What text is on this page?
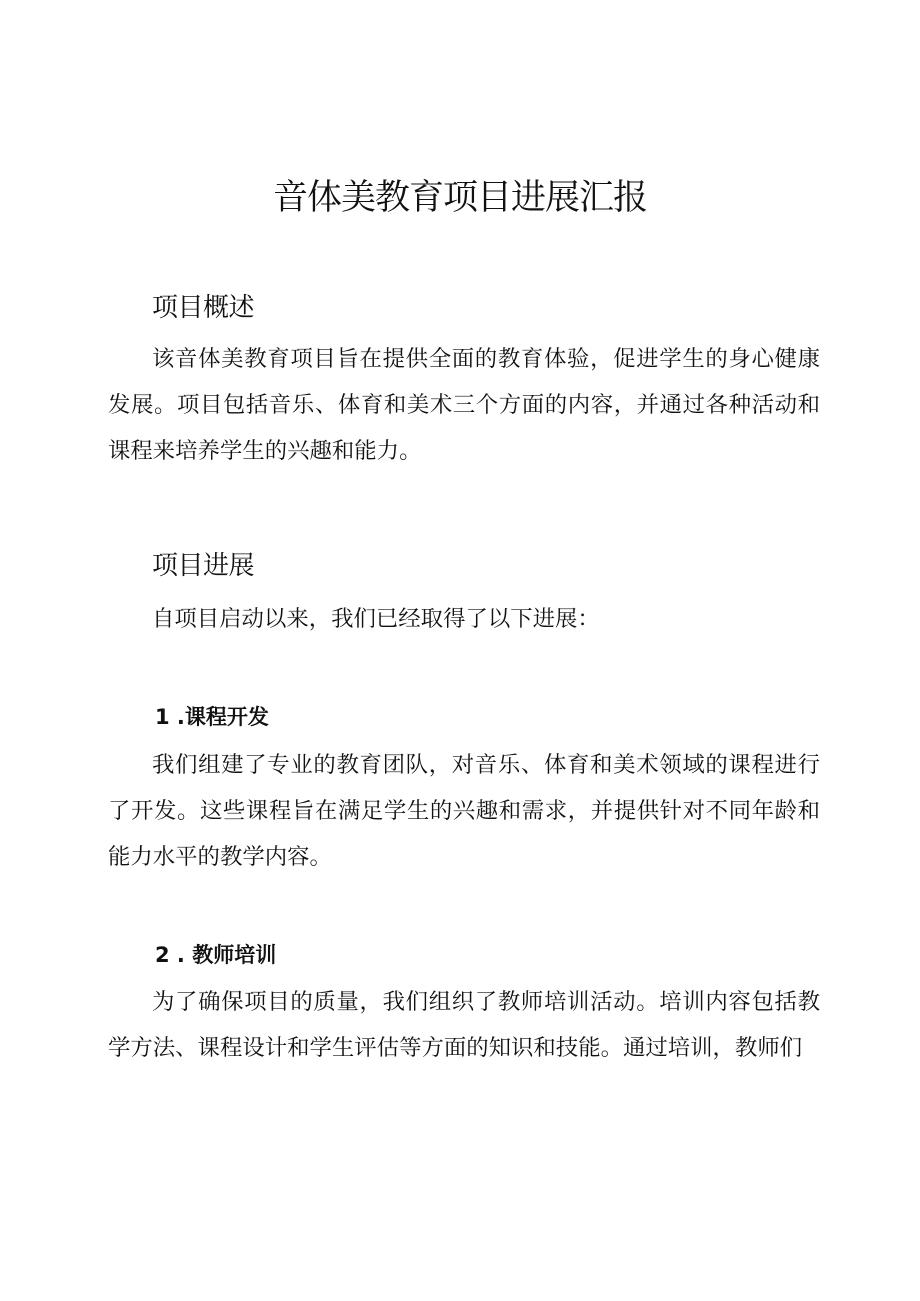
音体美教育项目进展汇报
项目概述

该音体美教育项目旨在提供全面的教育体验，促进学生的身心健康发展。项目包括音乐、体育和美术三个方面的内容，并通过各种活动和课程来培养学生的兴趣和能力。

项目进展

自项目启动以来，我们已经取得了以下进展：

1 .课程开发

我们组建了专业的教育团队，对音乐、体育和美术领域的课程进行了开发。这些课程旨在满足学生的兴趣和需求，并提供针对不同年龄和能力水平的教学内容。

2 . 教师培训

为了确保项目的质量，我们组织了教师培训活动。培训内容包括教学方法、课程设计和学生评估等方面的知识和技能。通过培训，教师们
